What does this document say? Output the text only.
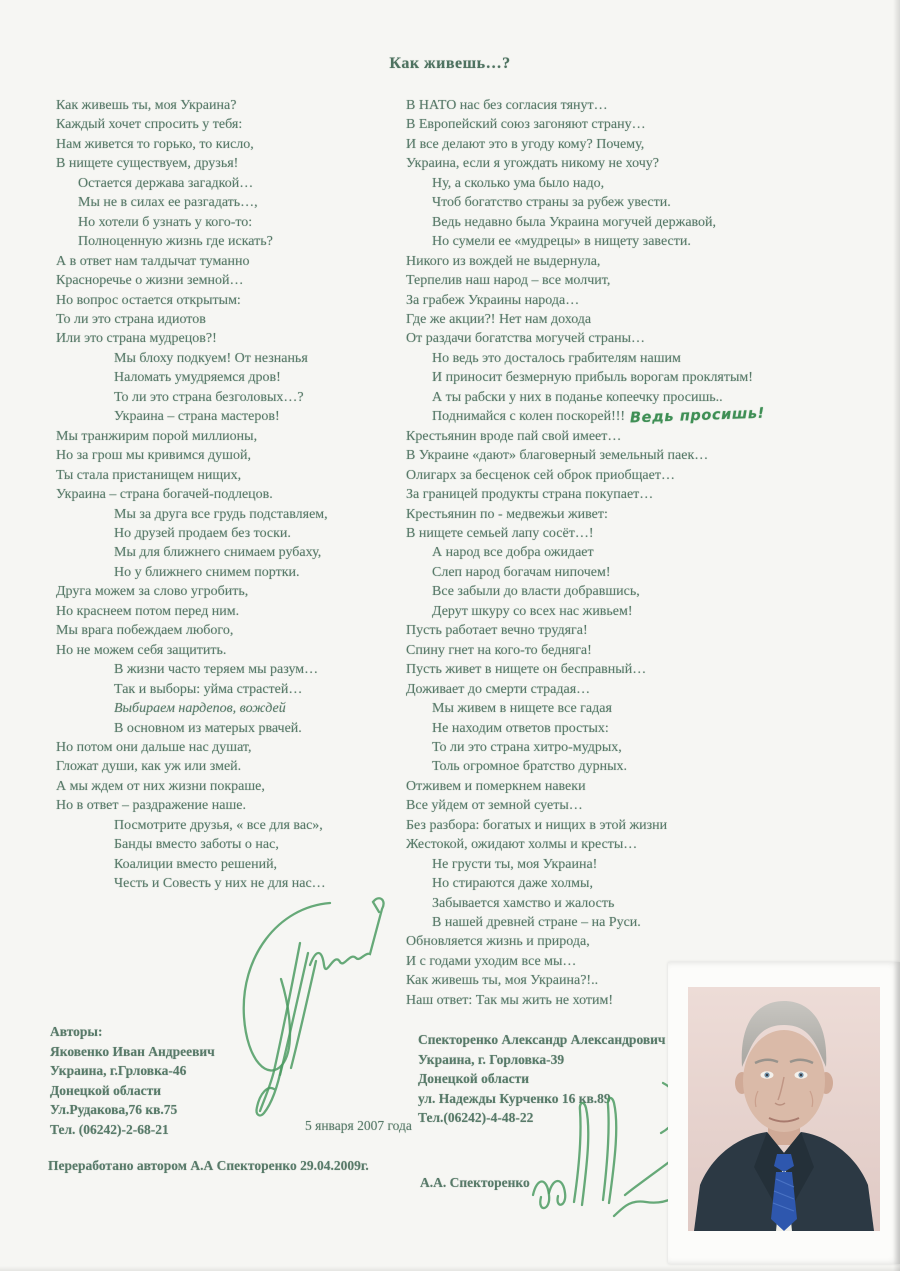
Как живешь…?
Как живешь ты, моя Украина?
Каждый хочет спросить у тебя:
Нам живется то горько, то кисло,
В нищете существуем, друзья!
Остается держава загадкой…
Мы не в силах ее разгадать…,
Но хотели б узнать у кого-то:
Полноценную жизнь где искать?
А в ответ нам талдычат туманно
Красноречье о жизни земной…
Но вопрос остается открытым:
То ли это страна идиотов
Или это страна мудрецов?!
Мы блоху подкуем! От незнанья
Наломать умудряемся дров!
То ли это страна безголовых…?
Украина – страна мастеров!
Мы транжирим порой миллионы,
Но за грош мы кривимся душой,
Ты стала пристанищем нищих,
Украина – страна богачей-подлецов.
Мы за друга все грудь подставляем,
Но друзей продаем без тоски.
Мы для ближнего снимаем рубаху,
Но у ближнего снимем портки.
Друга можем за слово угробить,
Но краснеем потом перед ним.
Мы врага побеждаем любого,
Но не можем себя защитить.
В жизни часто теряем мы разум…
Так и выборы: уйма страстей…
Выбираем нардепов, вождей
В основном из матерых рвачей.
Но потом они дальше нас душат,
Гложат души, как уж или змей.
А мы ждем от них жизни покраше,
Но в ответ – раздражение наше.
Посмотрите друзья, « все для вас»,
Банды вместо заботы о нас,
Коалиции вместо решений,
Честь и Совесть у них не для нас…
В НАТО нас без согласия тянут…
В Европейский союз загоняют страну…
И все делают это в угоду кому? Почему,
Украина, если я угождать никому не хочу?
Ну, а сколько ума было надо,
Чтоб богатство страны за рубеж увести.
Ведь недавно была Украина могучей державой,
Но сумели ее «мудрецы» в нищету завести.
Никого из вождей не выдернула,
Терпелив наш народ – все молчит,
За грабеж Украины народа…
Где же акции?! Нет нам дохода
От раздачи богатства могучей страны…
Но ведь это досталось грабителям нашим
И приносит безмерную прибыль ворогам проклятым!
А ты рабски у них в поданье копеечку просишь..
Поднимайся с колен поскорей!!! Ведь просишь!
Крестьянин вроде пай свой имеет…
В Украине «дают» благоверный земельный паек…
Олигарх за бесценок сей оброк приобщает…
За границей продукты страна покупает…
Крестьянин по - медвежьи живет:
В нищете семьей лапу сосёт…!
А народ все добра ожидает
Слеп народ богачам нипочем!
Все забыли до власти добравшись,
Дерут шкуру со всех нас живьем!
Пусть работает вечно трудяга!
Спину гнет на кого-то бедняга!
Пусть живет в нищете он бесправный…
Доживает до смерти страдая…
Мы живем в нищете все гадая
Не находим ответов простых:
То ли это страна хитро-мудрых,
Толь огромное братство дурных.
Отживем и померкнем навеки
Все уйдем от земной суеты…
Без разбора: богатых и нищих в этой жизни
Жестокой, ожидают холмы и кресты…
Не грусти ты, моя Украина!
Но стираются даже холмы,
Забывается хамство и жалость
В нашей древней стране – на Руси.
Обновляется жизнь и природа,
И с годами уходим все мы…
Как живешь ты, моя Украина?!..
Наш ответ: Так мы жить не хотим!
Авторы:
Яковенко Иван Андреевич
Украина, г.Грловка-46
Донецкой области
Ул.Рудакова,76 кв.75
Тел. (06242)-2-68-21
Спекторенко Александр Александрович
Украина, г. Горловка-39
Донецкой области
ул. Надежды Курченко 16 кв.89
Тел.(06242)-4-48-22
5 января 2007 года
Переработано автором А.А Спекторенко 29.04.2009г.
А.А. Спекторенко
